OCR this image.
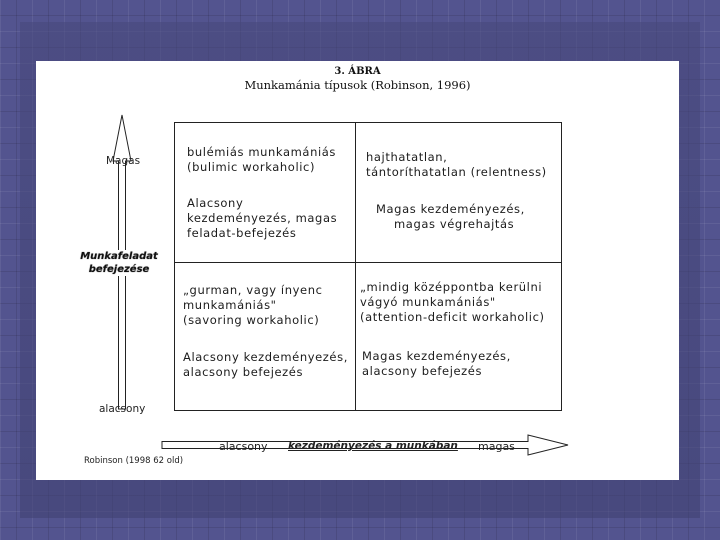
3. ÁBRA
Munkamánia típusok (Robinson, 1996)
Magas
Munkafeladat
befejezése
alacsony
bulémiás munkamániás
(bulimic workaholic)
Alacsony
kezdeményezés, magas
feladat-befejezés
hajthatatlan,
tántoríthatatlan (relentness)
Magas kezdeményezés,
magas végrehajtás
„gurman, vagy ínyenc
munkamániás"
(savoring workaholic)
Alacsony kezdeményezés,
alacsony befejezés
„mindig középpontba kerülni
vágyó munkamániás"
(attention-deficit workaholic)
Magas kezdeményezés,
alacsony befejezés
alacsony kezdeményezés a munkában magas
Robinson (1998 62 old)
